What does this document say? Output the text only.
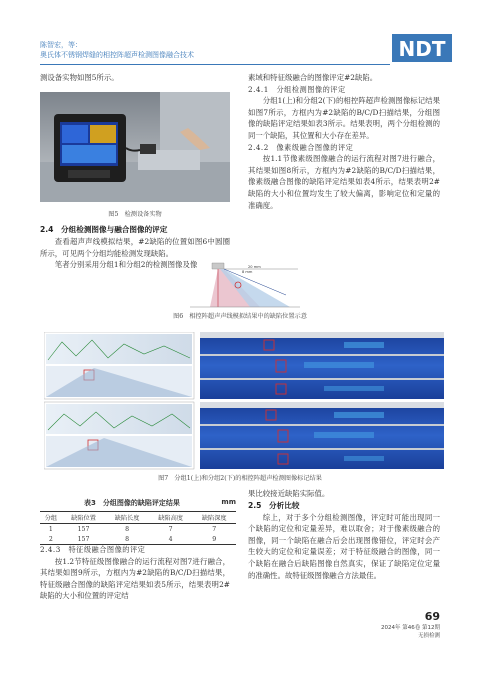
陈智宏，等：
奥氏体不锈钢焊缝的相控阵超声检测图像融合技术	NDT
测设备实物如图5所示。
图5　检测设备实物
2.4　分组检测图像与融合图像的评定
查看超声声线模拟结果，#2缺陷的位置如图6中圆圈所示，可见两个分组均能检测发现缺陷。
笔者分别采用分组1和分组2的检测图像及像
素域和特征级融合的图像评定#2缺陷。
2.4.1　分组检测图像的评定
分组1(上)和分组2(下)的相控阵超声检测图像标记结果如图7所示，方框内为#2缺陷的B/C/D扫描结果，分组图像的缺陷评定结果如表3所示。结果表明，两个分组检测的同一个缺陷，其位置和大小存在差异。
2.4.2　像素级融合图像的评定
按1.1节像素级图像融合的运行流程对图7进行融合，其结果如图8所示，方框内为#2缺陷的B/C/D扫描结果，像素级融合图像的缺陷评定结果如表4所示，结果表明2#缺陷的大小和位置均发生了较大偏离，影响定位和定量的准确度。
20 mm
8 mm
图6　相控阵超声声线模拟结果中的缺陷位置示意
图7　分组1(上)和分组2(下)的相控阵超声检测图像标记结果
表3　分组图像的缺陷评定结果	mm
分组	缺陷位置	缺陷长度	缺陷高度	缺陷深度
1	157	8	7	7
2	157	8	4	9
2.4.3　特征级融合图像的评定
按1.2节特征级图像融合的运行流程对图7进行融合，其结果如图9所示，方框内为#2缺陷的B/C/D扫描结果，特征级融合图像的缺陷评定结果如表5所示，结果表明2#缺陷的大小和位置的评定结
果比较接近缺陷实际值。
2.5　分析比较
综上，对于多个分组检测图像，评定时可能出现同一个缺陷的定位和定量差异，难以取舍；对于像素级融合的图像，同一个缺陷在融合后会出现图像错位，评定时会产生较大的定位和定量误差；对于特征级融合的图像，同一个缺陷在融合后缺陷图像自然真实，保证了缺陷定位定量的准确性。故特征级图像融合方法最佳。
69
2024年 第46卷 第12期
无损检测
